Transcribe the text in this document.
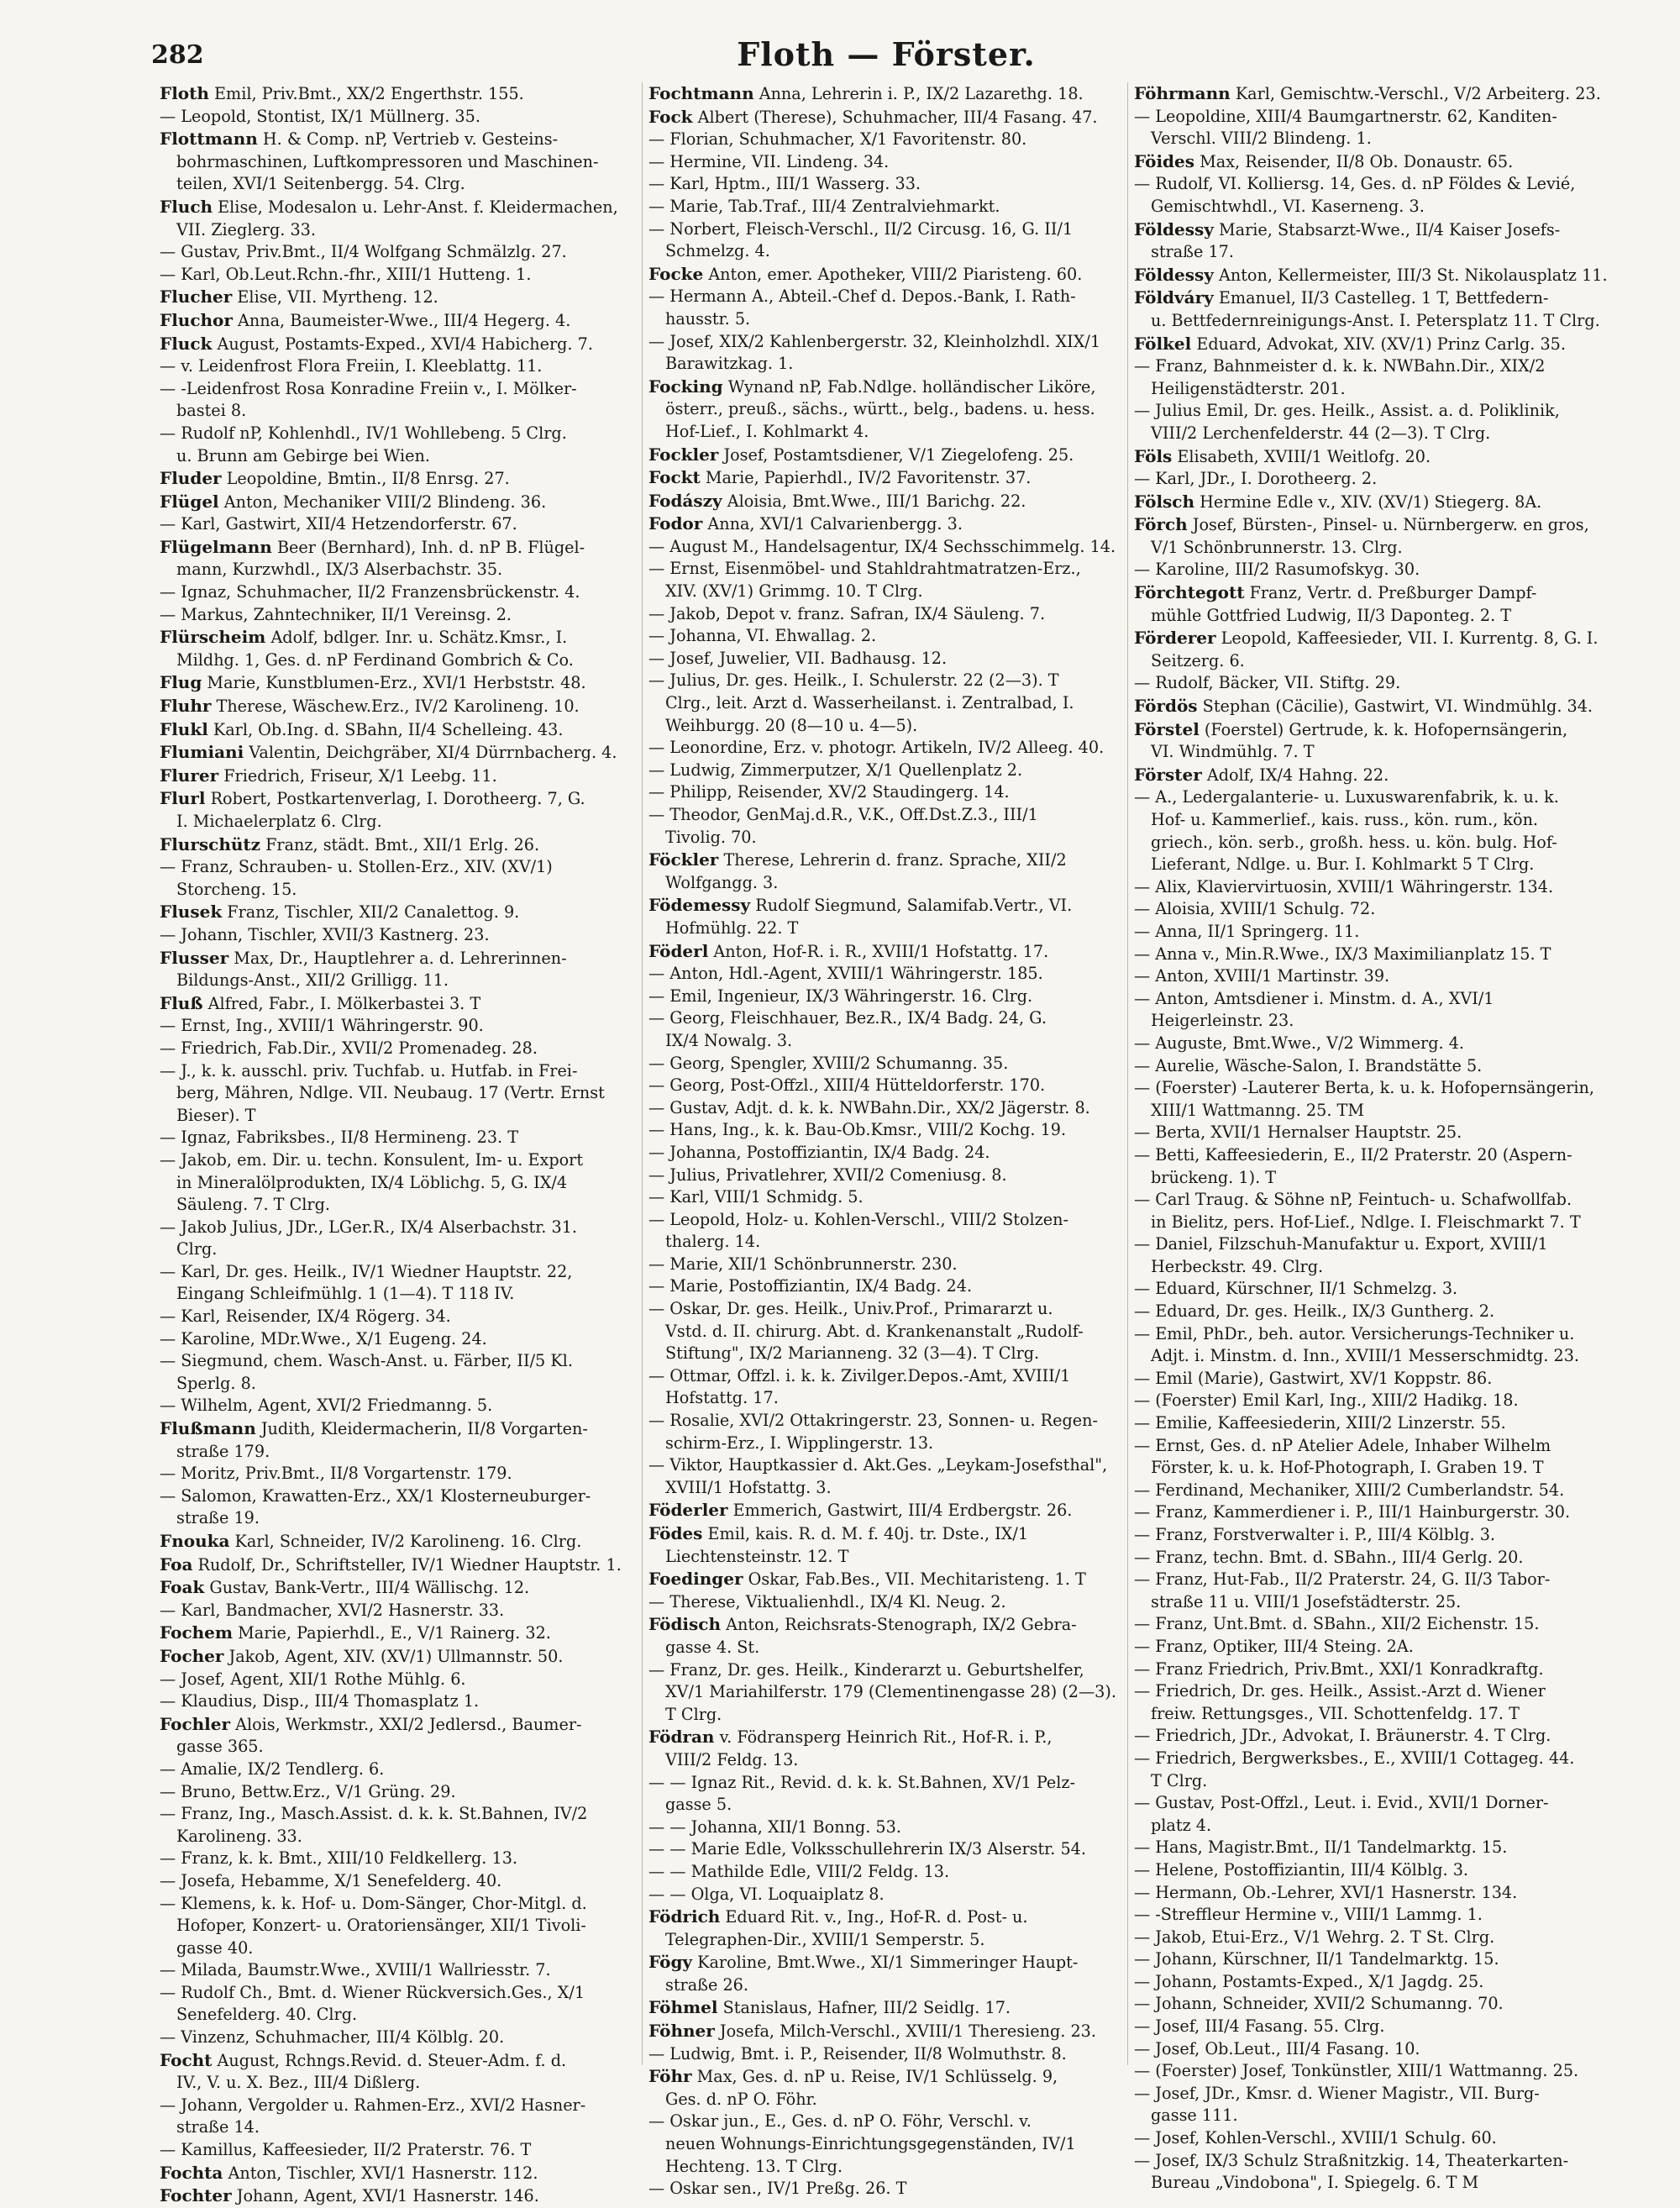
282	Floth — Förster.
Floth Emil, Priv.Bmt., XX/2 Engerthstr. 155.
— Leopold, Stontist, IX/1 Müllnerg. 35.
Flottmann H. & Comp. nP, Vertrieb v. Gesteins-
bohrmaschinen, Luftkompressoren und Maschinen-
teilen, XVI/1 Seitenbergg. 54. Clrg.
Fluch Elise, Modesalon u. Lehr-Anst. f. Kleidermachen,
VII. Zieglerg. 33.
— Gustav, Priv.Bmt., II/4 Wolfgang Schmälzlg. 27.
— Karl, Ob.Leut.Rchn.-fhr., XIII/1 Hutteng. 1.
Flucher Elise, VII. Myrtheng. 12.
Fluchor Anna, Baumeister-Wwe., III/4 Hegerg. 4.
Fluck August, Postamts-Exped., XVI/4 Habicherg. 7.
— v. Leidenfrost Flora Freiin, I. Kleeblattg. 11.
— -Leidenfrost Rosa Konradine Freiin v., I. Mölker-
bastei 8.
— Rudolf nP, Kohlenhdl., IV/1 Wohllebeng. 5 Clrg.
u. Brunn am Gebirge bei Wien.
Fluder Leopoldine, Bmtin., II/8 Enrsg. 27.
Flügel Anton, Mechaniker VIII/2 Blindeng. 36.
— Karl, Gastwirt, XII/4 Hetzendorferstr. 67.
Flügelmann Beer (Bernhard), Inh. d. nP B. Flügel-
mann, Kurzwhdl., IX/3 Alserbachstr. 35.
— Ignaz, Schuhmacher, II/2 Franzensbrückenstr. 4.
— Markus, Zahntechniker, II/1 Vereinsg. 2.
Flürscheim Adolf, bdlger. Inr. u. Schätz.Kmsr., I.
Mildhg. 1, Ges. d. nP Ferdinand Gombrich & Co.
Flug Marie, Kunstblumen-Erz., XVI/1 Herbststr. 48.
Fluhr Therese, Wäschew.Erz., IV/2 Karolineng. 10.
Flukl Karl, Ob.Ing. d. SBahn, II/4 Schelleing. 43.
Flumiani Valentin, Deichgräber, XI/4 Dürrnbacherg. 4.
Flurer Friedrich, Friseur, X/1 Leebg. 11.
Flurl Robert, Postkartenverlag, I. Dorotheerg. 7, G.
I. Michaelerplatz 6. Clrg.
Flurschütz Franz, städt. Bmt., XII/1 Erlg. 26.
— Franz, Schrauben- u. Stollen-Erz., XIV. (XV/1)
Storcheng. 15.
Flusek Franz, Tischler, XII/2 Canalettog. 9.
— Johann, Tischler, XVII/3 Kastnerg. 23.
Flusser Max, Dr., Hauptlehrer a. d. Lehrerinnen-
Bildungs-Anst., XII/2 Grilligg. 11.
Fluß Alfred, Fabr., I. Mölkerbastei 3. T
— Ernst, Ing., XVIII/1 Währingerstr. 90.
— Friedrich, Fab.Dir., XVII/2 Promenadeg. 28.
— J., k. k. ausschl. priv. Tuchfab. u. Hutfab. in Frei-
berg, Mähren, Ndlge. VII. Neubaug. 17 (Vertr. Ernst
Bieser). T
— Ignaz, Fabriksbes., II/8 Hermineng. 23. T
— Jakob, em. Dir. u. techn. Konsulent, Im- u. Export
in Mineralölprodukten, IX/4 Löblichg. 5, G. IX/4
Säuleng. 7. T Clrg.
— Jakob Julius, JDr., LGer.R., IX/4 Alserbachstr. 31.
Clrg.
— Karl, Dr. ges. Heilk., IV/1 Wiedner Hauptstr. 22,
Eingang Schleifmühlg. 1 (1—4). T 118 IV.
— Karl, Reisender, IX/4 Rögerg. 34.
— Karoline, MDr.Wwe., X/1 Eugeng. 24.
— Siegmund, chem. Wasch-Anst. u. Färber, II/5 Kl.
Sperlg. 8.
— Wilhelm, Agent, XVI/2 Friedmanng. 5.
Flußmann Judith, Kleidermacherin, II/8 Vorgarten-
straße 179.
— Moritz, Priv.Bmt., II/8 Vorgartenstr. 179.
— Salomon, Krawatten-Erz., XX/1 Klosterneuburger-
straße 19.
Fnouka Karl, Schneider, IV/2 Karolineng. 16. Clrg.
Foa Rudolf, Dr., Schriftsteller, IV/1 Wiedner Hauptstr. 1.
Foak Gustav, Bank-Vertr., III/4 Wällischg. 12.
— Karl, Bandmacher, XVI/2 Hasnerstr. 33.
Fochem Marie, Papierhdl., E., V/1 Rainerg. 32.
Focher Jakob, Agent, XIV. (XV/1) Ullmannstr. 50.
— Josef, Agent, XII/1 Rothe Mühlg. 6.
— Klaudius, Disp., III/4 Thomasplatz 1.
Fochler Alois, Werkmstr., XXI/2 Jedlersd., Baumer-
gasse 365.
— Amalie, IX/2 Tendlerg. 6.
— Bruno, Bettw.Erz., V/1 Grüng. 29.
— Franz, Ing., Masch.Assist. d. k. k. St.Bahnen, IV/2
Karolineng. 33.
— Franz, k. k. Bmt., XIII/10 Feldkellerg. 13.
— Josefa, Hebamme, X/1 Senefelderg. 40.
— Klemens, k. k. Hof- u. Dom-Sänger, Chor-Mitgl. d.
Hofoper, Konzert- u. Oratoriensänger, XII/1 Tivoli-
gasse 40.
— Milada, Baumstr.Wwe., XVIII/1 Wallriesstr. 7.
— Rudolf Ch., Bmt. d. Wiener Rückversich.Ges., X/1
Senefelderg. 40. Clrg.
— Vinzenz, Schuhmacher, III/4 Kölblg. 20.
Focht August, Rchngs.Revid. d. Steuer-Adm. f. d.
IV., V. u. X. Bez., III/4 Dißlerg.
— Johann, Vergolder u. Rahmen-Erz., XVI/2 Hasner-
straße 14.
— Kamillus, Kaffeesieder, II/2 Praterstr. 76. T
Fochta Anton, Tischler, XVI/1 Hasnerstr. 112.
Fochter Johann, Agent, XVI/1 Hasnerstr. 146.
Fochtmann Anna, Lehrerin i. P., IX/2 Lazarethg. 18.
Fock Albert (Therese), Schuhmacher, III/4 Fasang. 47.
— Florian, Schuhmacher, X/1 Favoritenstr. 80.
— Hermine, VII. Lindeng. 34.
— Karl, Hptm., III/1 Wasserg. 33.
— Marie, Tab.Traf., III/4 Zentralviehmarkt.
— Norbert, Fleisch-Verschl., II/2 Circusg. 16, G. II/1
Schmelzg. 4.
Focke Anton, emer. Apotheker, VIII/2 Piaristeng. 60.
— Hermann A., Abteil.-Chef d. Depos.-Bank, I. Rath-
hausstr. 5.
— Josef, XIX/2 Kahlenbergerstr. 32, Kleinholzhdl. XIX/1
Barawitzkag. 1.
Focking Wynand nP, Fab.Ndlge. holländischer Liköre,
österr., preuß., sächs., württ., belg., badens. u. hess.
Hof-Lief., I. Kohlmarkt 4.
Fockler Josef, Postamtsdiener, V/1 Ziegelofeng. 25.
Fockt Marie, Papierhdl., IV/2 Favoritenstr. 37.
Fodászy Aloisia, Bmt.Wwe., III/1 Barichg. 22.
Fodor Anna, XVI/1 Calvarienbergg. 3.
— August M., Handelsagentur, IX/4 Sechsschimmelg. 14.
— Ernst, Eisenmöbel- und Stahldrahtmatratzen-Erz.,
XIV. (XV/1) Grimmg. 10. T Clrg.
— Jakob, Depot v. franz. Safran, IX/4 Säuleng. 7.
— Johanna, VI. Ehwallag. 2.
— Josef, Juwelier, VII. Badhausg. 12.
— Julius, Dr. ges. Heilk., I. Schulerstr. 22 (2—3). T
Clrg., leit. Arzt d. Wasserheilanst. i. Zentralbad, I.
Weihburgg. 20 (8—10 u. 4—5).
— Leonordine, Erz. v. photogr. Artikeln, IV/2 Alleeg. 40.
— Ludwig, Zimmerputzer, X/1 Quellenplatz 2.
— Philipp, Reisender, XV/2 Staudingerg. 14.
— Theodor, GenMaj.d.R., V.K., Off.Dst.Z.3., III/1
Tivolig. 70.
Föckler Therese, Lehrerin d. franz. Sprache, XII/2
Wolfgangg. 3.
Födemessy Rudolf Siegmund, Salamifab.Vertr., VI.
Hofmühlg. 22. T
Föderl Anton, Hof-R. i. R., XVIII/1 Hofstattg. 17.
— Anton, Hdl.-Agent, XVIII/1 Währingerstr. 185.
— Emil, Ingenieur, IX/3 Währingerstr. 16. Clrg.
— Georg, Fleischhauer, Bez.R., IX/4 Badg. 24, G.
IX/4 Nowalg. 3.
— Georg, Spengler, XVIII/2 Schumanng. 35.
— Georg, Post-Offzl., XIII/4 Hütteldorferstr. 170.
— Gustav, Adjt. d. k. k. NWBahn.Dir., XX/2 Jägerstr. 8.
— Hans, Ing., k. k. Bau-Ob.Kmsr., VIII/2 Kochg. 19.
— Johanna, Postoffiziantin, IX/4 Badg. 24.
— Julius, Privatlehrer, XVII/2 Comeniusg. 8.
— Karl, VIII/1 Schmidg. 5.
— Leopold, Holz- u. Kohlen-Verschl., VIII/2 Stolzen-
thalerg. 14.
— Marie, XII/1 Schönbrunnerstr. 230.
— Marie, Postoffiziantin, IX/4 Badg. 24.
— Oskar, Dr. ges. Heilk., Univ.Prof., Primararzt u.
Vstd. d. II. chirurg. Abt. d. Krankenanstalt „Rudolf-
Stiftung", IX/2 Marianneng. 32 (3—4). T Clrg.
— Ottmar, Offzl. i. k. k. Zivilger.Depos.-Amt, XVIII/1
Hofstattg. 17.
— Rosalie, XVI/2 Ottakringerstr. 23, Sonnen- u. Regen-
schirm-Erz., I. Wipplingerstr. 13.
— Viktor, Hauptkassier d. Akt.Ges. „Leykam-Josefsthal",
XVIII/1 Hofstattg. 3.
Föderler Emmerich, Gastwirt, III/4 Erdbergstr. 26.
Födes Emil, kais. R. d. M. f. 40j. tr. Dste., IX/1
Liechtensteinstr. 12. T
Foedinger Oskar, Fab.Bes., VII. Mechitaristeng. 1. T
— Therese, Viktualienhdl., IX/4 Kl. Neug. 2.
Födisch Anton, Reichsrats-Stenograph, IX/2 Gebra-
gasse 4. St.
— Franz, Dr. ges. Heilk., Kinderarzt u. Geburtshelfer,
XV/1 Mariahilferstr. 179 (Clementinengasse 28) (2—3).
T Clrg.
Födran v. Födransperg Heinrich Rit., Hof-R. i. P.,
VIII/2 Feldg. 13.
— — Ignaz Rit., Revid. d. k. k. St.Bahnen, XV/1 Pelz-
gasse 5.
— — Johanna, XII/1 Bonng. 53.
— — Marie Edle, Volksschullehrerin IX/3 Alserstr. 54.
— — Mathilde Edle, VIII/2 Feldg. 13.
— — Olga, VI. Loquaiplatz 8.
Födrich Eduard Rit. v., Ing., Hof-R. d. Post- u.
Telegraphen-Dir., XVIII/1 Semperstr. 5.
Fögy Karoline, Bmt.Wwe., XI/1 Simmeringer Haupt-
straße 26.
Föhmel Stanislaus, Hafner, III/2 Seidlg. 17.
Föhner Josefa, Milch-Verschl., XVIII/1 Theresieng. 23.
— Ludwig, Bmt. i. P., Reisender, II/8 Wolmuthstr. 8.
Föhr Max, Ges. d. nP u. Reise, IV/1 Schlüsselg. 9,
Ges. d. nP O. Föhr.
— Oskar jun., E., Ges. d. nP O. Föhr, Verschl. v.
neuen Wohnungs-Einrichtungsgegenständen, IV/1
Hechteng. 13. T Clrg.
— Oskar sen., IV/1 Preßg. 26. T
Föhrmann Karl, Gemischtw.-Verschl., V/2 Arbeiterg. 23.
— Leopoldine, XIII/4 Baumgartnerstr. 62, Kanditen-
Verschl. VIII/2 Blindeng. 1.
Föides Max, Reisender, II/8 Ob. Donaustr. 65.
— Rudolf, VI. Kolliersg. 14, Ges. d. nP Földes & Levié,
Gemischtwhdl., VI. Kaserneng. 3.
Földessy Marie, Stabsarzt-Wwe., II/4 Kaiser Josefs-
straße 17.
Földessy Anton, Kellermeister, III/3 St. Nikolausplatz 11.
Földváry Emanuel, II/3 Castelleg. 1 T, Bettfedern-
u. Bettfedernreinigungs-Anst. I. Petersplatz 11. T Clrg.
Fölkel Eduard, Advokat, XIV. (XV/1) Prinz Carlg. 35.
— Franz, Bahnmeister d. k. k. NWBahn.Dir., XIX/2
Heiligenstädterstr. 201.
— Julius Emil, Dr. ges. Heilk., Assist. a. d. Poliklinik,
VIII/2 Lerchenfelderstr. 44 (2—3). T Clrg.
Föls Elisabeth, XVIII/1 Weitlofg. 20.
— Karl, JDr., I. Dorotheerg. 2.
Fölsch Hermine Edle v., XIV. (XV/1) Stiegerg. 8A.
Förch Josef, Bürsten-, Pinsel- u. Nürnbergerw. en gros,
V/1 Schönbrunnerstr. 13. Clrg.
— Karoline, III/2 Rasumofskyg. 30.
Förchtegott Franz, Vertr. d. Preßburger Dampf-
mühle Gottfried Ludwig, II/3 Daponteg. 2. T
Förderer Leopold, Kaffeesieder, VII. I. Kurrentg. 8, G. I.
Seitzerg. 6.
— Rudolf, Bäcker, VII. Stiftg. 29.
Fördös Stephan (Cäcilie), Gastwirt, VI. Windmühlg. 34.
Förstel (Foerstel) Gertrude, k. k. Hofopernsängerin,
VI. Windmühlg. 7. T
Förster Adolf, IX/4 Hahng. 22.
— A., Ledergalanterie- u. Luxuswarenfabrik, k. u. k.
Hof- u. Kammerlief., kais. russ., kön. rum., kön.
griech., kön. serb., großh. hess. u. kön. bulg. Hof-
Lieferant, Ndlge. u. Bur. I. Kohlmarkt 5 T Clrg.
— Alix, Klaviervirtuosin, XVIII/1 Währingerstr. 134.
— Aloisia, XVIII/1 Schulg. 72.
— Anna, II/1 Springerg. 11.
— Anna v., Min.R.Wwe., IX/3 Maximilianplatz 15. T
— Anton, XVIII/1 Martinstr. 39.
— Anton, Amtsdiener i. Minstm. d. A., XVI/1
Heigerleinstr. 23.
— Auguste, Bmt.Wwe., V/2 Wimmerg. 4.
— Aurelie, Wäsche-Salon, I. Brandstätte 5.
— (Foerster) -Lauterer Berta, k. u. k. Hofopernsängerin,
XIII/1 Wattmanng. 25. TM
— Berta, XVII/1 Hernalser Hauptstr. 25.
— Betti, Kaffeesiederin, E., II/2 Praterstr. 20 (Aspern-
brückeng. 1). T
— Carl Traug. & Söhne nP, Feintuch- u. Schafwollfab.
in Bielitz, pers. Hof-Lief., Ndlge. I. Fleischmarkt 7. T
— Daniel, Filzschuh-Manufaktur u. Export, XVIII/1
Herbeckstr. 49. Clrg.
— Eduard, Kürschner, II/1 Schmelzg. 3.
— Eduard, Dr. ges. Heilk., IX/3 Guntherg. 2.
— Emil, PhDr., beh. autor. Versicherungs-Techniker u.
Adjt. i. Minstm. d. Inn., XVIII/1 Messerschmidtg. 23.
— Emil (Marie), Gastwirt, XV/1 Koppstr. 86.
— (Foerster) Emil Karl, Ing., XIII/2 Hadikg. 18.
— Emilie, Kaffeesiederin, XIII/2 Linzerstr. 55.
— Ernst, Ges. d. nP Atelier Adele, Inhaber Wilhelm
Förster, k. u. k. Hof-Photograph, I. Graben 19. T
— Ferdinand, Mechaniker, XIII/2 Cumberlandstr. 54.
— Franz, Kammerdiener i. P., III/1 Hainburgerstr. 30.
— Franz, Forstverwalter i. P., III/4 Kölblg. 3.
— Franz, techn. Bmt. d. SBahn., III/4 Gerlg. 20.
— Franz, Hut-Fab., II/2 Praterstr. 24, G. II/3 Tabor-
straße 11 u. VIII/1 Josefstädterstr. 25.
— Franz, Unt.Bmt. d. SBahn., XII/2 Eichenstr. 15.
— Franz, Optiker, III/4 Steing. 2A.
— Franz Friedrich, Priv.Bmt., XXI/1 Konradkraftg.
— Friedrich, Dr. ges. Heilk., Assist.-Arzt d. Wiener
freiw. Rettungsges., VII. Schottenfeldg. 17. T
— Friedrich, JDr., Advokat, I. Bräunerstr. 4. T Clrg.
— Friedrich, Bergwerksbes., E., XVIII/1 Cottageg. 44.
T Clrg.
— Gustav, Post-Offzl., Leut. i. Evid., XVII/1 Dorner-
platz 4.
— Hans, Magistr.Bmt., II/1 Tandelmarktg. 15.
— Helene, Postoffiziantin, III/4 Kölblg. 3.
— Hermann, Ob.-Lehrer, XVI/1 Hasnerstr. 134.
— -Streffleur Hermine v., VIII/1 Lammg. 1.
— Jakob, Etui-Erz., V/1 Wehrg. 2. T St. Clrg.
— Johann, Kürschner, II/1 Tandelmarktg. 15.
— Johann, Postamts-Exped., X/1 Jagdg. 25.
— Johann, Schneider, XVII/2 Schumanng. 70.
— Josef, III/4 Fasang. 55. Clrg.
— Josef, Ob.Leut., III/4 Fasang. 10.
— (Foerster) Josef, Tonkünstler, XIII/1 Wattmanng. 25.
— Josef, JDr., Kmsr. d. Wiener Magistr., VII. Burg-
gasse 111.
— Josef, Kohlen-Verschl., XVIII/1 Schulg. 60.
— Josef, IX/3 Schulz Straßnitzkig. 14, Theaterkarten-
Bureau „Vindobona", I. Spiegelg. 6. T M
